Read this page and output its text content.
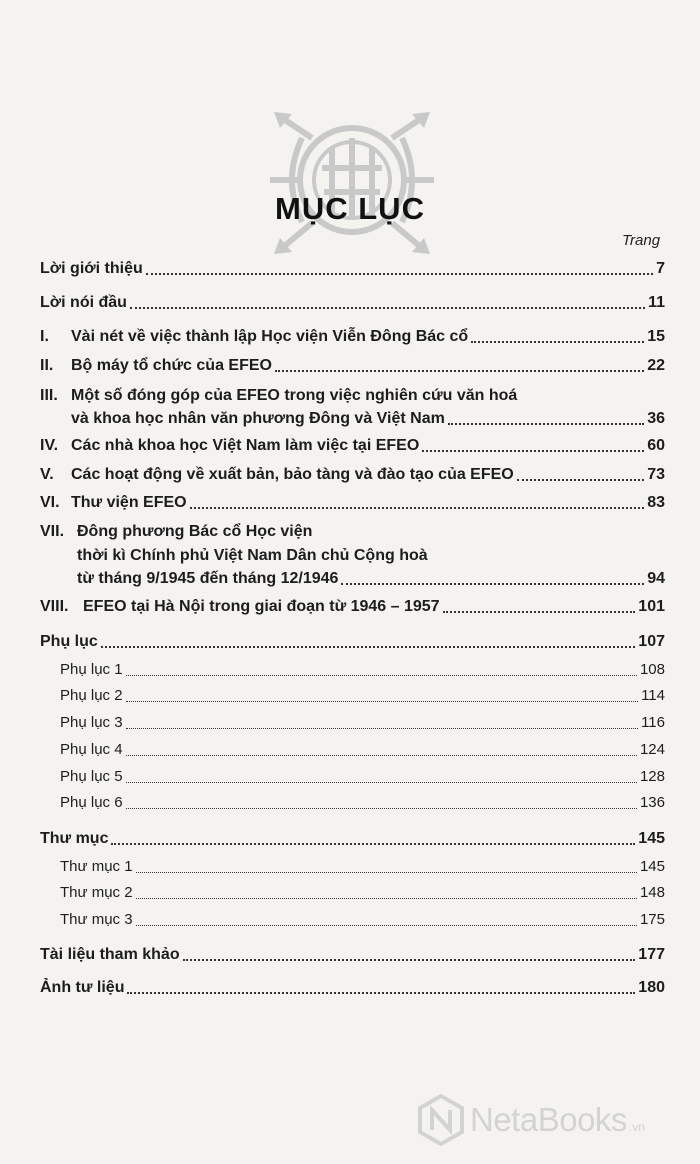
MỤC LỤC
Trang
Lời giới thiệu	7
Lời nói đầu	11
I.	Vài nét về việc thành lập Học viện Viễn Đông Bác cổ	15
II.	Bộ máy tổ chức của EFEO	22
III. Một số đóng góp của EFEO trong việc nghiên cứu văn hoá
và khoa học nhân văn phương Đông và Việt Nam	36
IV. Các nhà khoa học Việt Nam làm việc tại EFEO	60
V.	Các hoạt động về xuất bản, bảo tàng và đào tạo của EFEO	73
VI. Thư viện EFEO	83
VII. Đông phương Bác cổ Học viện
thời kì Chính phủ Việt Nam Dân chủ Cộng hoà
từ tháng 9/1945 đến tháng 12/1946	94
VIII. EFEO tại Hà Nội trong giai đoạn từ 1946 – 1957	101
Phụ lục	107
Phụ lục 1	108
Phụ lục 2	114
Phụ lục 3	116
Phụ lục 4	124
Phụ lục 5	128
Phụ lục 6	136
Thư mục	145
Thư mục 1	145
Thư mục 2	148
Thư mục 3	175
Tài liệu tham khảo	177
Ảnh tư liệu	180
NetaBooks .vn
